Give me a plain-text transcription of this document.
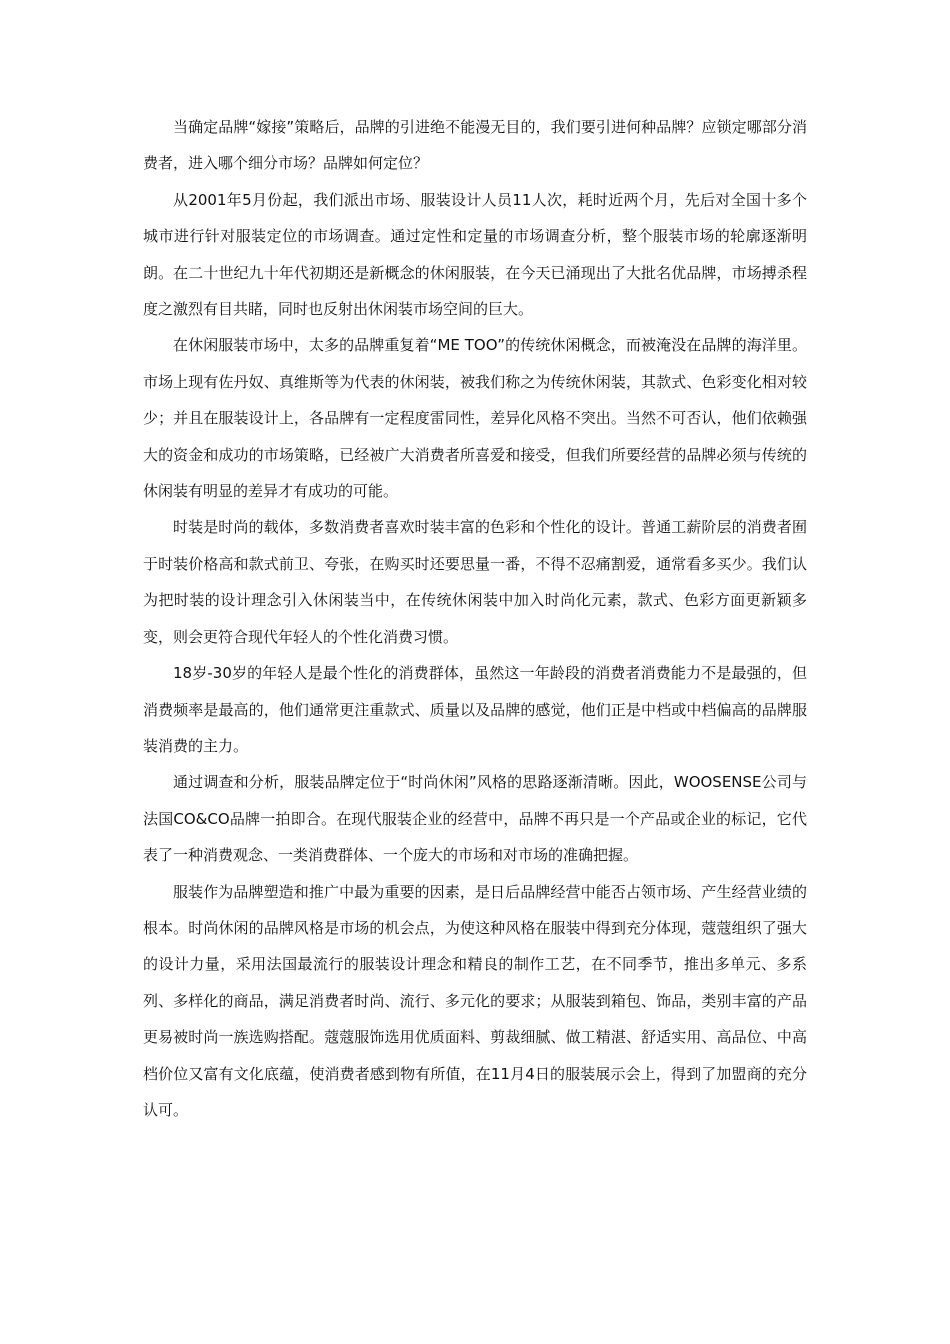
当确定品牌“嫁接”策略后，品牌的引进绝不能漫无目的，我们要引进何种品牌？应锁定哪部分消费者，进入哪个细分市场？品牌如何定位？

从2001年5月份起，我们派出市场、服装设计人员11人次，耗时近两个月，先后对全国十多个城市进行针对服装定位的市场调查。通过定性和定量的市场调查分析，整个服装市场的轮廓逐渐明朗。在二十世纪九十年代初期还是新概念的休闲服装，在今天已涌现出了大批名优品牌，市场搏杀程度之激烈有目共睹，同时也反射出休闲装市场空间的巨大。

在休闲服装市场中，太多的品牌重复着“ME TOO”的传统休闲概念，而被淹没在品牌的海洋里。市场上现有佐丹奴、真维斯等为代表的休闲装，被我们称之为传统休闲装，其款式、色彩变化相对较少；并且在服装设计上，各品牌有一定程度雷同性，差异化风格不突出。当然不可否认，他们依赖强大的资金和成功的市场策略，已经被广大消费者所喜爱和接受，但我们所要经营的品牌必须与传统的休闲装有明显的差异才有成功的可能。

时装是时尚的载体，多数消费者喜欢时装丰富的色彩和个性化的设计。普通工薪阶层的消费者囿于时装价格高和款式前卫、夸张，在购买时还要思量一番，不得不忍痛割爱，通常看多买少。我们认为把时装的设计理念引入休闲装当中，在传统休闲装中加入时尚化元素，款式、色彩方面更新颖多变，则会更符合现代年轻人的个性化消费习惯。

18岁-30岁的年轻人是最个性化的消费群体，虽然这一年龄段的消费者消费能力不是最强的，但消费频率是最高的，他们通常更注重款式、质量以及品牌的感觉，他们正是中档或中档偏高的品牌服装消费的主力。

通过调查和分析，服装品牌定位于“时尚休闲”风格的思路逐渐清晰。因此，WOOSENSE公司与法国CO&CO品牌一拍即合。在现代服装企业的经营中，品牌不再只是一个产品或企业的标记，它代表了一种消费观念、一类消费群体、一个庞大的市场和对市场的准确把握。

服装作为品牌塑造和推广中最为重要的因素，是日后品牌经营中能否占领市场、产生经营业绩的根本。时尚休闲的品牌风格是市场的机会点，为使这种风格在服装中得到充分体现，蔻蔻组织了强大的设计力量，采用法国最流行的服装设计理念和精良的制作工艺，在不同季节，推出多单元、多系列、多样化的商品，满足消费者时尚、流行、多元化的要求；从服装到箱包、饰品，类别丰富的产品更易被时尚一族选购搭配。蔻蔻服饰选用优质面料、剪裁细腻、做工精湛、舒适实用、高品位、中高档价位又富有文化底蕴，使消费者感到物有所值，在11月4日的服装展示会上，得到了加盟商的充分认可。
